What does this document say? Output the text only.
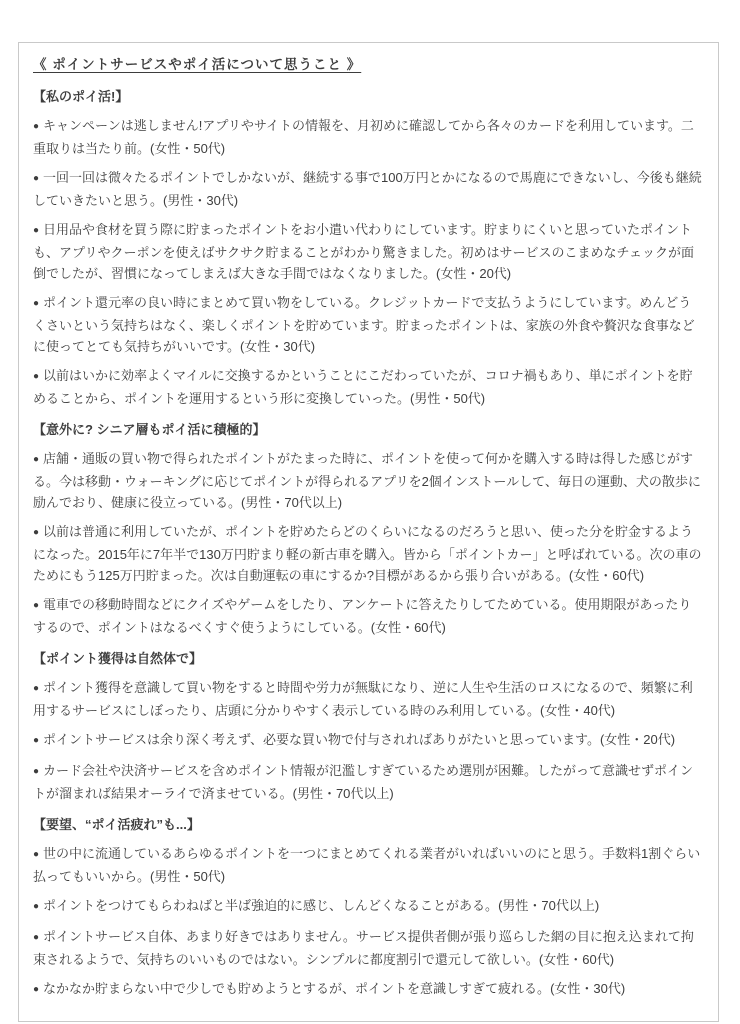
《 ポイントサービスやポイ活について思うこと 》
【私のポイ活!】

● キャンペーンは逃しません!アプリやサイトの情報を、月初めに確認してから各々のカードを利用しています。二重取りは当たり前。(女性・50代)

● 一回一回は微々たるポイントでしかないが、継続する事で100万円とかになるので馬鹿にできないし、今後も継続していきたいと思う。(男性・30代)

● 日用品や食材を買う際に貯まったポイントをお小遣い代わりにしています。貯まりにくいと思っていたポイントも、アプリやクーポンを使えばサクサク貯まることがわかり驚きました。初めはサービスのこまめなチェックが面倒でしたが、習慣になってしまえば大きな手間ではなくなりました。(女性・20代)

● ポイント還元率の良い時にまとめて買い物をしている。クレジットカードで支払うようにしています。めんどうくさいという気持ちはなく、楽しくポイントを貯めています。貯まったポイントは、家族の外食や贅沢な食事などに使ってとても気持ちがいいです。(女性・30代)

● 以前はいかに効率よくマイルに交換するかということにこだわっていたが、コロナ禍もあり、単にポイントを貯めることから、ポイントを運用するという形に変換していった。(男性・50代)

【意外に? シニア層もポイ活に積極的】

● 店舗・通販の買い物で得られたポイントがたまった時に、ポイントを使って何かを購入する時は得した感じがする。今は移動・ウォーキングに応じてポイントが得られるアプリを2個インストールして、毎日の運動、犬の散歩に励んでおり、健康に役立っている。(男性・70代以上)

● 以前は普通に利用していたが、ポイントを貯めたらどのくらいになるのだろうと思い、使った分を貯金するようになった。2015年に7年半で130万円貯まり軽の新古車を購入。皆から「ポイントカー」と呼ばれている。次の車のためにもう125万円貯まった。次は自動運転の車にするか?目標があるから張り合いがある。(女性・60代)

● 電車での移動時間などにクイズやゲームをしたり、アンケートに答えたりしてためている。使用期限があったりするので、ポイントはなるべくすぐ使うようにしている。(女性・60代)

【ポイント獲得は自然体で】

● ポイント獲得を意識して買い物をすると時間や労力が無駄になり、逆に人生や生活のロスになるので、頻繁に利用するサービスにしぼったり、店頭に分かりやすく表示している時のみ利用している。(女性・40代)

● ポイントサービスは余り深く考えず、必要な買い物で付与されればありがたいと思っています。(女性・20代)

● カード会社や決済サービスを含めポイント情報が氾濫しすぎているため選別が困難。したがって意識せずポイントが溜まれば結果オーライで済ませている。(男性・70代以上)

【要望、“ポイ活疲れ”も...】

● 世の中に流通しているあらゆるポイントを一つにまとめてくれる業者がいればいいのにと思う。手数料1割ぐらい払ってもいいから。(男性・50代)

● ポイントをつけてもらわねばと半ば強迫的に感じ、しんどくなることがある。(男性・70代以上)

● ポイントサービス自体、あまり好きではありません。サービス提供者側が張り巡らした網の目に抱え込まれて拘束されるようで、気持ちのいいものではない。シンプルに都度割引で還元して欲しい。(女性・60代)

● なかなか貯まらない中で少しでも貯めようとするが、ポイントを意識しすぎて疲れる。(女性・30代)
